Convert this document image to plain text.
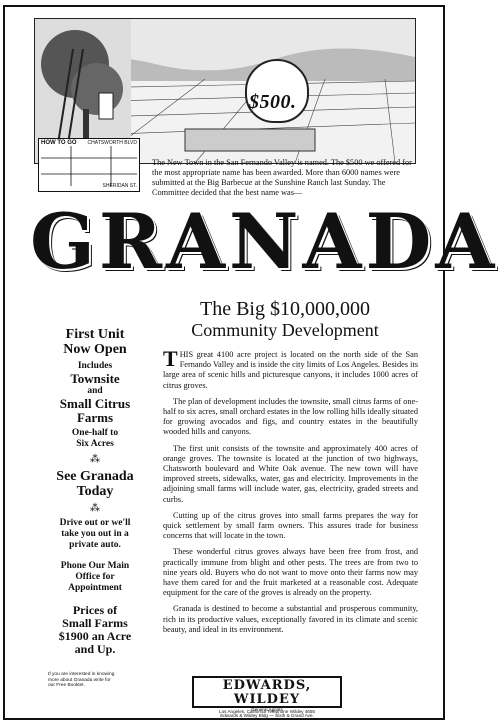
$500.
HOW TO GO	CHATSWORTH BLVD
SHERIDAN ST.
The New Town in the San Fernando Valley is named. The $500 we offered for the most appropriate name has been awarded. More than 6000 names were submitted at the Big Barbecue at the Sunshine Ranch last Sunday. The Committee decided that the best name was—
GRANADA
The Big $10,000,000
Community Development
First Unit
Now Open
Includes
Townsite
and
Small Citrus
Farms
One-half to
Six Acres
⁂
See Granada
Today
⁂
Drive out or we'll
take you out in a
private auto.
Phone Our Main
Office for
Appointment
Prices of
Small Farms
$1900 an Acre
and Up.
If you are interested in knowing more about Granada write for our Free Booklet.

THIS great 4100 acre project is located on the north side of the San Fernando Valley and is inside the city limits of Los Angeles. Besides its large area of scenic hills and picturesque canyons, it includes 1000 acres of citrus groves.

The plan of development includes the townsite, small citrus farms of one-half to six acres, small orchard estates in the low rolling hills ideally situated for growing avocados and figs, and country estates in the beautifully wooded hills and canyons.

The first unit consists of the townsite and approximately 400 acres of orange groves. The townsite is located at the junction of two highways, Chatsworth boulevard and White Oak avenue. The new town will have improved streets, sidewalks, water, gas and electricity. Improvements in the adjoining small farms will include water, gas, electricity, graded streets and curbs.

Cutting up of the citrus groves into small farms prepares the way for quick settlement by small farm owners. This assures trade for business concerns that will locate in the town.

These wonderful citrus groves always have been free from frost, and practically immune from blight and other pests. The trees are from two to nine years old. Buyers who do not want to move onto their farms now may have them cared for and the fruit marketed at a reasonable cost. Adequate equipment for the care of the groves is already on the property.

Granada is destined to become a substantial and prosperous community, rich in its productive values, exceptionally favored in its climate and scenic beauty, and ideal in its environment.

EDWARDS, WILDEY
General Agents
Edwards & Wildey Bldg — Sixth & Grand Ave.
Los Angeles, California Telephone Wildey 4655
